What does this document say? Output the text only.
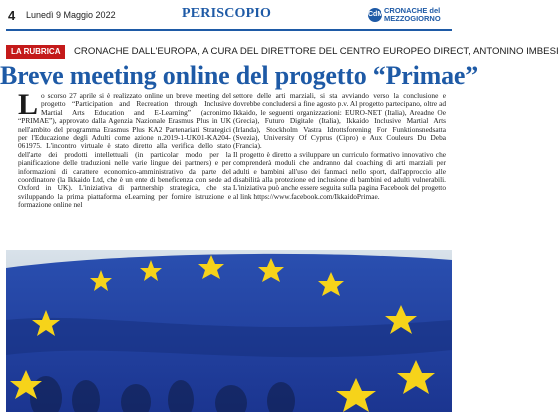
4 Lunedì 9 Maggio 2022	PERISCOPIO	CdM CRONACHE del
MEZZOGIORNO
LA RUBRICA	CRONACHE DALL'EUROPA, A CURA DEL DIRETTORE DEL CENTRO EUROPEO DIRECT, ANTONINO IMBESI
Breve meeting online del progetto “Primae”

Lo scorso 27 aprile si è realizzato online un breve meeting del progetto “Participation and Recreation through Inclusive Martial Arts Education and E-Learning” (acronimo “PRIMAE”), approvato dalla Agenzia Nazionale Erasmus Plus in UK nell'ambito del programma Erasmus Plus KA2 Partenariati Strategici per l'Educazione degli Adulti come azione n.2019-1-UK01-KA204-061975. L'incontro virtuale è stato diretto alla verifica dello stato dell'arte dei prodotti intellettuali (in particolar modo per la pianificazione delle traduzioni nelle varie lingue dei partners) e per informazioni di carattere economico-amministrativo da parte del coordinatore (la Ikkaido Ltd, che è un ente di beneficenza con sede ad Oxford in UK). L'iniziativa di partnership strategica, che sta sviluppando la prima piattaforma eLearning per fornire istruzione e formazione online nel

settore delle arti marziali, si sta avviando verso la conclusione e dovrebbe concludersi a fine agosto p.v. Al progetto partecipano, oltre ad Ikkaido, le seguenti organizzazioni: EURO-NET (Italia), Areadne Oe (Grecia), Futuro Digitale (Italia), Ikkaido Inclusive Martial Arts (Irlanda), Stockholm Vastra Idrottsforening For Funktionsnedsatta (Svezia), University Of Cyprus (Cipro) e Aux Couleurs Du Deba (Francia).

Il progetto è diretto a sviluppare un curriculo formativo innovativo che comprenderà moduli che andranno dal coaching di arti marziali per adulti e bambini all'uso dei fanmaci nello sport, dall'approccio alle disabilità alla protezione ed inclusione di bambini ed adulti vulnerabili. L'iniziativa può anche essere seguita sulla pagina Facebook del progetto al link https://www.facebook.com/IkkaidoPrimae.
